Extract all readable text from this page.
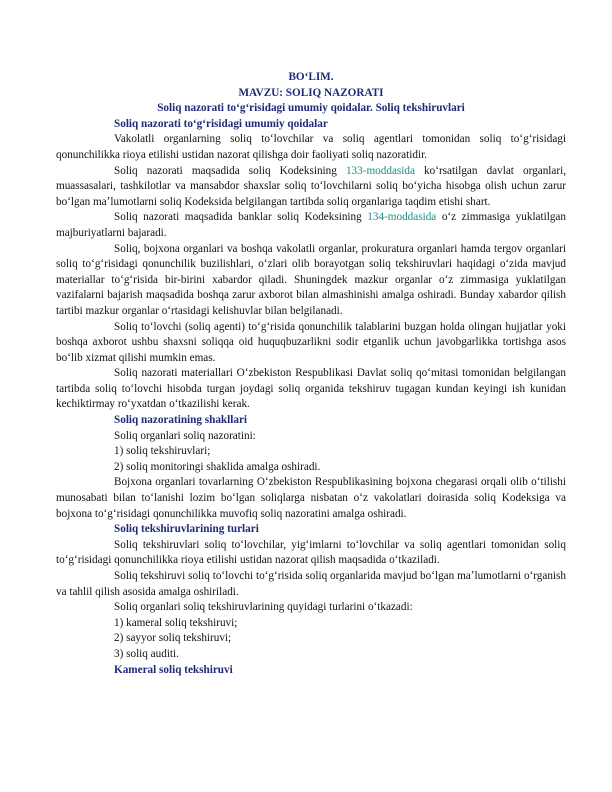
BOʻLIM.

MAVZU: SOLIQ NAZORATI

Soliq nazorati toʻgʻrisidagi umumiy qoidalar. Soliq tekshiruvlari

Soliq nazorati toʻgʻrisidagi umumiy qoidalar

Vakolatli organlarning soliq toʻlovchilar va soliq agentlari tomonidan soliq toʻgʻrisidagi qonunchilikka rioya etilishi ustidan nazorat qilishga doir faoliyati soliq nazoratidir.

Soliq nazorati maqsadida soliq Kodeksining 133-moddasida koʻrsatilgan davlat organlari, muassasalari, tashkilotlar va mansabdor shaxslar soliq toʻlovchilarni soliq boʻyicha hisobga olish uchun zarur boʻlgan maʼlumotlarni soliq Kodeksida belgilangan tartibda soliq organlariga taqdim etishi shart.

Soliq nazorati maqsadida banklar soliq Kodeksining 134-moddasida oʻz zimmasiga yuklatilgan majburiyatlarni bajaradi.

Soliq, bojxona organlari va boshqa vakolatli organlar, prokuratura organlari hamda tergov organlari soliq toʻgʻrisidagi qonunchilik buzilishlari, oʻzlari olib borayotgan soliq tekshiruvlari haqidagi oʻzida mavjud materiallar toʻgʻrisida bir-birini xabardor qiladi. Shuningdek mazkur organlar oʻz zimmasiga yuklatilgan vazifalarni bajarish maqsadida boshqa zarur axborot bilan almashinishi amalga oshiradi. Bunday xabardor qilish tartibi mazkur organlar oʻrtasidagi kelishuvlar bilan belgilanadi.

Soliq toʻlovchi (soliq agenti) toʻgʻrisida qonunchilik talablarini buzgan holda olingan hujjatlar yoki boshqa axborot ushbu shaxsni soliqqa oid huquqbuzarlikni sodir etganlik uchun javobgarlikka tortishga asos boʻlib xizmat qilishi mumkin emas.

Soliq nazorati materiallari Oʻzbekiston Respublikasi Davlat soliq qoʻmitasi tomonidan belgilangan tartibda soliq toʻlovchi hisobda turgan joydagi soliq organida tekshiruv tugagan kundan keyingi ish kunidan kechiktirmay roʻyxatdan oʻtkazilishi kerak.

Soliq nazoratining shakllari

Soliq organlari soliq nazoratini:

1) soliq tekshiruvlari;

2) soliq monitoringi shaklida amalga oshiradi.

Bojxona organlari tovarlarning Oʻzbekiston Respublikasining bojxona chegarasi orqali olib oʻtilishi munosabati bilan toʻlanishi lozim boʻlgan soliqlarga nisbatan oʻz vakolatlari doirasida soliq Kodeksiga va bojxona toʻgʻrisidagi qonunchilikka muvofiq soliq nazoratini amalga oshiradi.

Soliq tekshiruvlarining turlari

Soliq tekshiruvlari soliq toʻlovchilar, yigʻimlarni toʻlovchilar va soliq agentlari tomonidan soliq toʻgʻrisidagi qonunchilikka rioya etilishi ustidan nazorat qilish maqsadida oʻtkaziladi.

Soliq tekshiruvi soliq toʻlovchi toʻgʻrisida soliq organlarida mavjud boʻlgan maʼlumotlarni oʻrganish va tahlil qilish asosida amalga oshiriladi.

Soliq organlari soliq tekshiruvlarining quyidagi turlarini oʻtkazadi:

1) kameral soliq tekshiruvi;

2) sayyor soliq tekshiruvi;

3) soliq auditi.

Kameral soliq tekshiruvi
